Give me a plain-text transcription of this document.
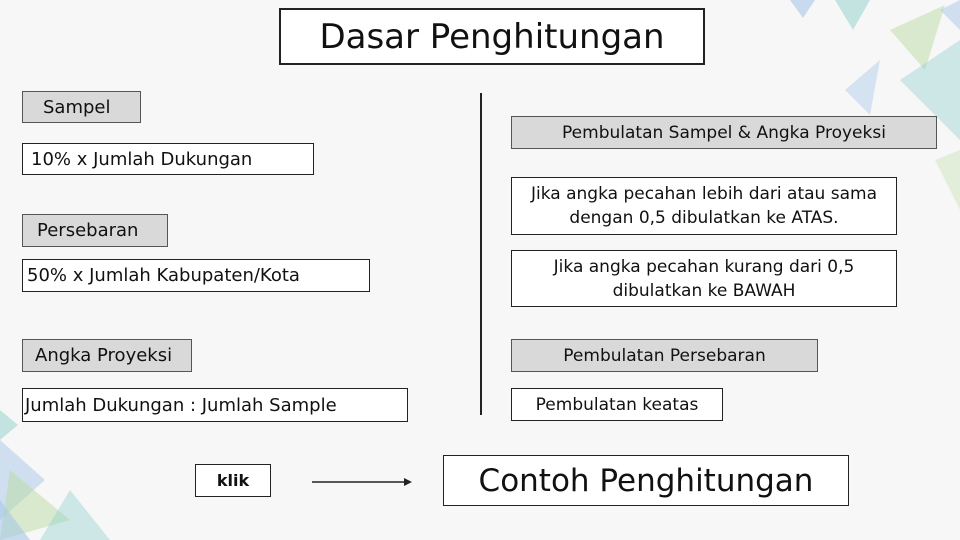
Dasar Penghitungan
Sampel
10% x Jumlah Dukungan
Persebaran
50% x Jumlah Kabupaten/Kota
Angka Proyeksi
Jumlah Dukungan : Jumlah Sample
klik
Pembulatan Sampel & Angka Proyeksi
Jika angka pecahan lebih dari atau sama dengan 0,5 dibulatkan ke ATAS.
Jika angka pecahan kurang dari 0,5 dibulatkan ke BAWAH
Pembulatan Persebaran
Pembulatan keatas
Contoh Penghitungan
